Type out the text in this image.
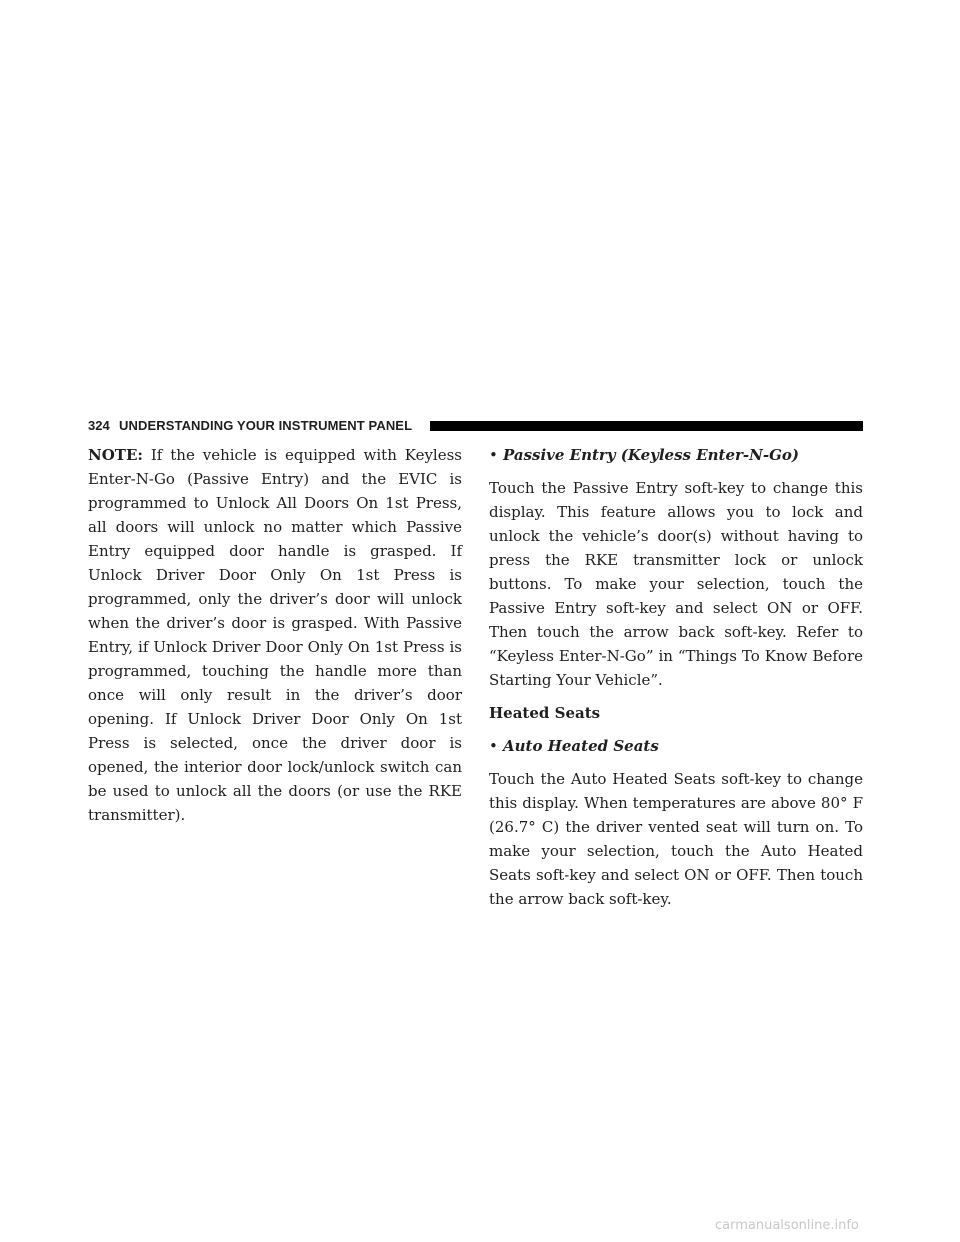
324 UNDERSTANDING YOUR INSTRUMENT PANEL

NOTE: If the vehicle is equipped with Keyless Enter-N-Go (Passive Entry) and the EVIC is programmed to Unlock All Doors On 1st Press, all doors will unlock no matter which Passive Entry equipped door handle is grasped. If Unlock Driver Door Only On 1st Press is programmed, only the driver’s door will unlock when the driver’s door is grasped. With Passive Entry, if Unlock Driver Door Only On 1st Press is programmed, touching the handle more than once will only result in the driver’s door opening. If Unlock Driver Door Only On 1st Press is selected, once the driver door is opened, the interior door lock/unlock switch can be used to unlock all the doors (or use the RKE transmitter).

• Passive Entry (Keyless Enter-N-Go)

Touch the Passive Entry soft-key to change this display. This feature allows you to lock and unlock the vehicle’s door(s) without having to press the RKE transmitter lock or unlock buttons. To make your selection, touch the Passive Entry soft-key and select ON or OFF. Then touch the arrow back soft-key. Refer to “Keyless Enter-N-Go” in “Things To Know Before Starting Your Vehicle”.

Heated Seats
• Auto Heated Seats

Touch the Auto Heated Seats soft-key to change this display. When temperatures are above 80° F (26.7° C) the driver vented seat will turn on. To make your selection, touch the Auto Heated Seats soft-key and select ON or OFF. Then touch the arrow back soft-key.

carmanualsonline.info
